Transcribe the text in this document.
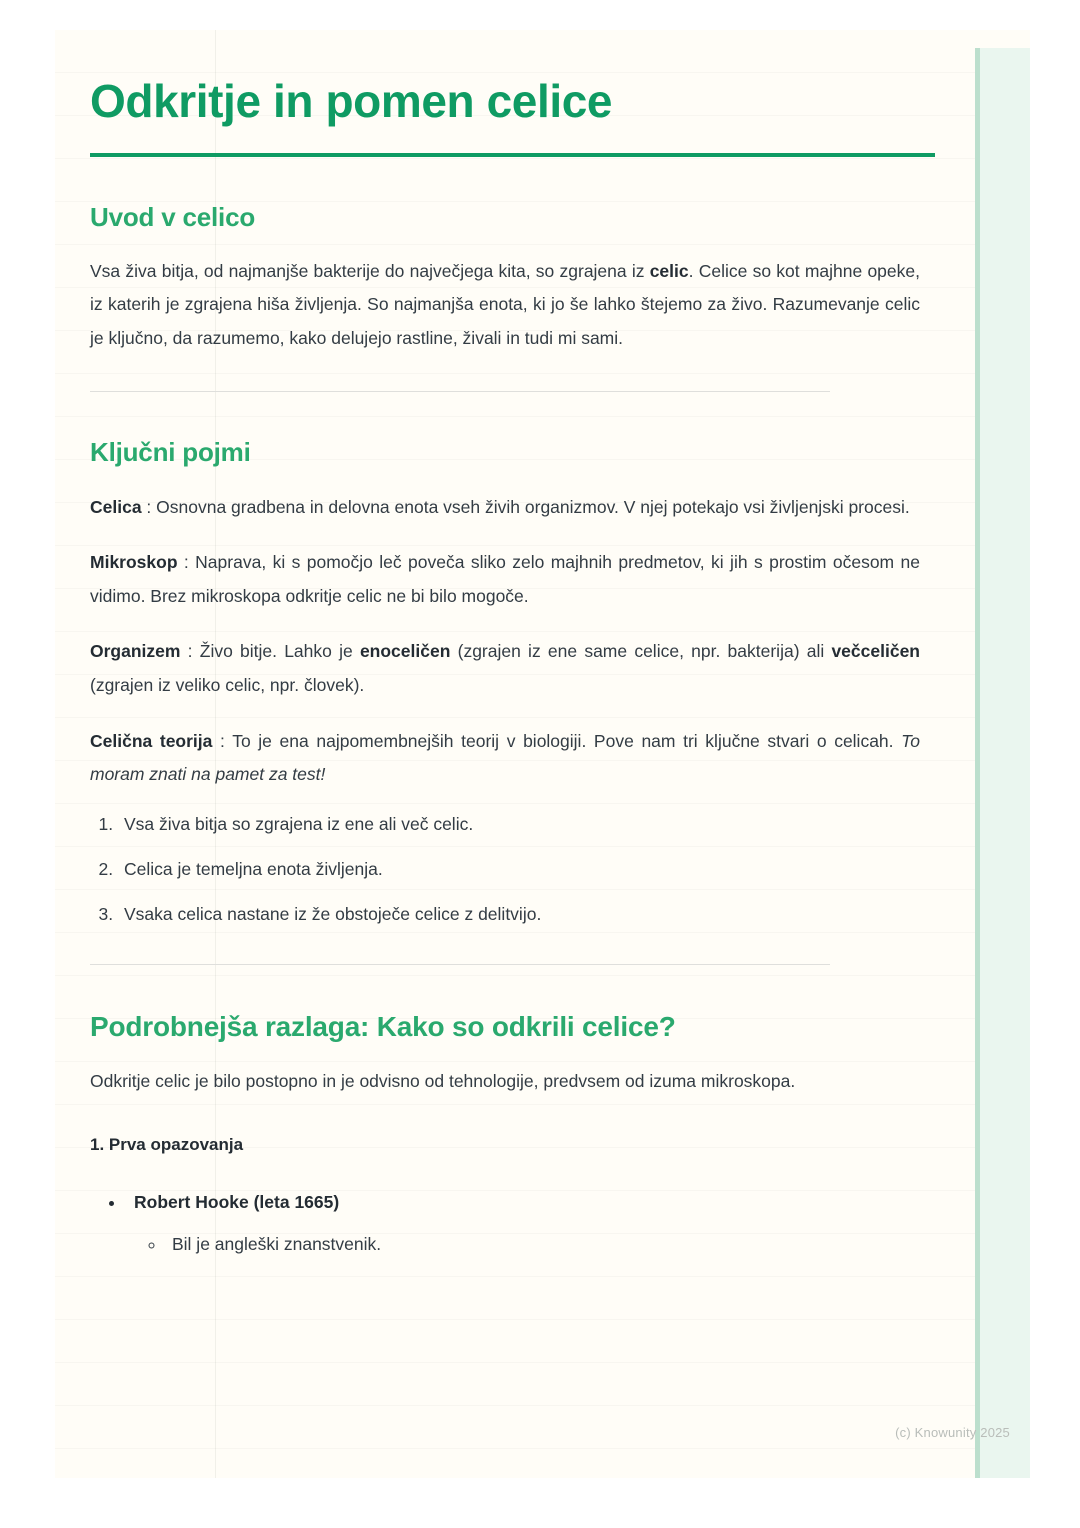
Odkritje in pomen celice
Uvod v celico

Vsa živa bitja, od najmanjše bakterije do največjega kita, so zgrajena iz celic. Celice so kot majhne opeke, iz katerih je zgrajena hiša življenja. So najmanjša enota, ki jo še lahko štejemo za živo. Razumevanje celic je ključno, da razumemo, kako delujejo rastline, živali in tudi mi sami.

Ključni pojmi

Celica : Osnovna gradbena in delovna enota vseh živih organizmov. V njej potekajo vsi življenjski procesi.

Mikroskop : Naprava, ki s pomočjo leč poveča sliko zelo majhnih predmetov, ki jih s prostim očesom ne vidimo. Brez mikroskopa odkritje celic ne bi bilo mogoče.

Organizem : Živo bitje. Lahko je enoceličen (zgrajen iz ene same celice, npr. bakterija) ali večceličen (zgrajen iz veliko celic, npr. človek).

Celična teorija : To je ena najpomembnejših teorij v biologiji. Pove nam tri ključne stvari o celicah. To moram znati na pamet za test!

1. Vsa živa bitja so zgrajena iz ene ali več celic.
2. Celica je temeljna enota življenja.
3. Vsaka celica nastane iz že obstoječe celice z delitvijo.
Podrobnejša razlaga: Kako so odkrili celice?

Odkritje celic je bilo postopno in je odvisno od tehnologije, predvsem od izuma mikroskopa.

1. Prva opazovanja

• Robert Hooke (leta 1665)
◦ Bil je angleški znanstvenik.
(c) Knowunity 2025
